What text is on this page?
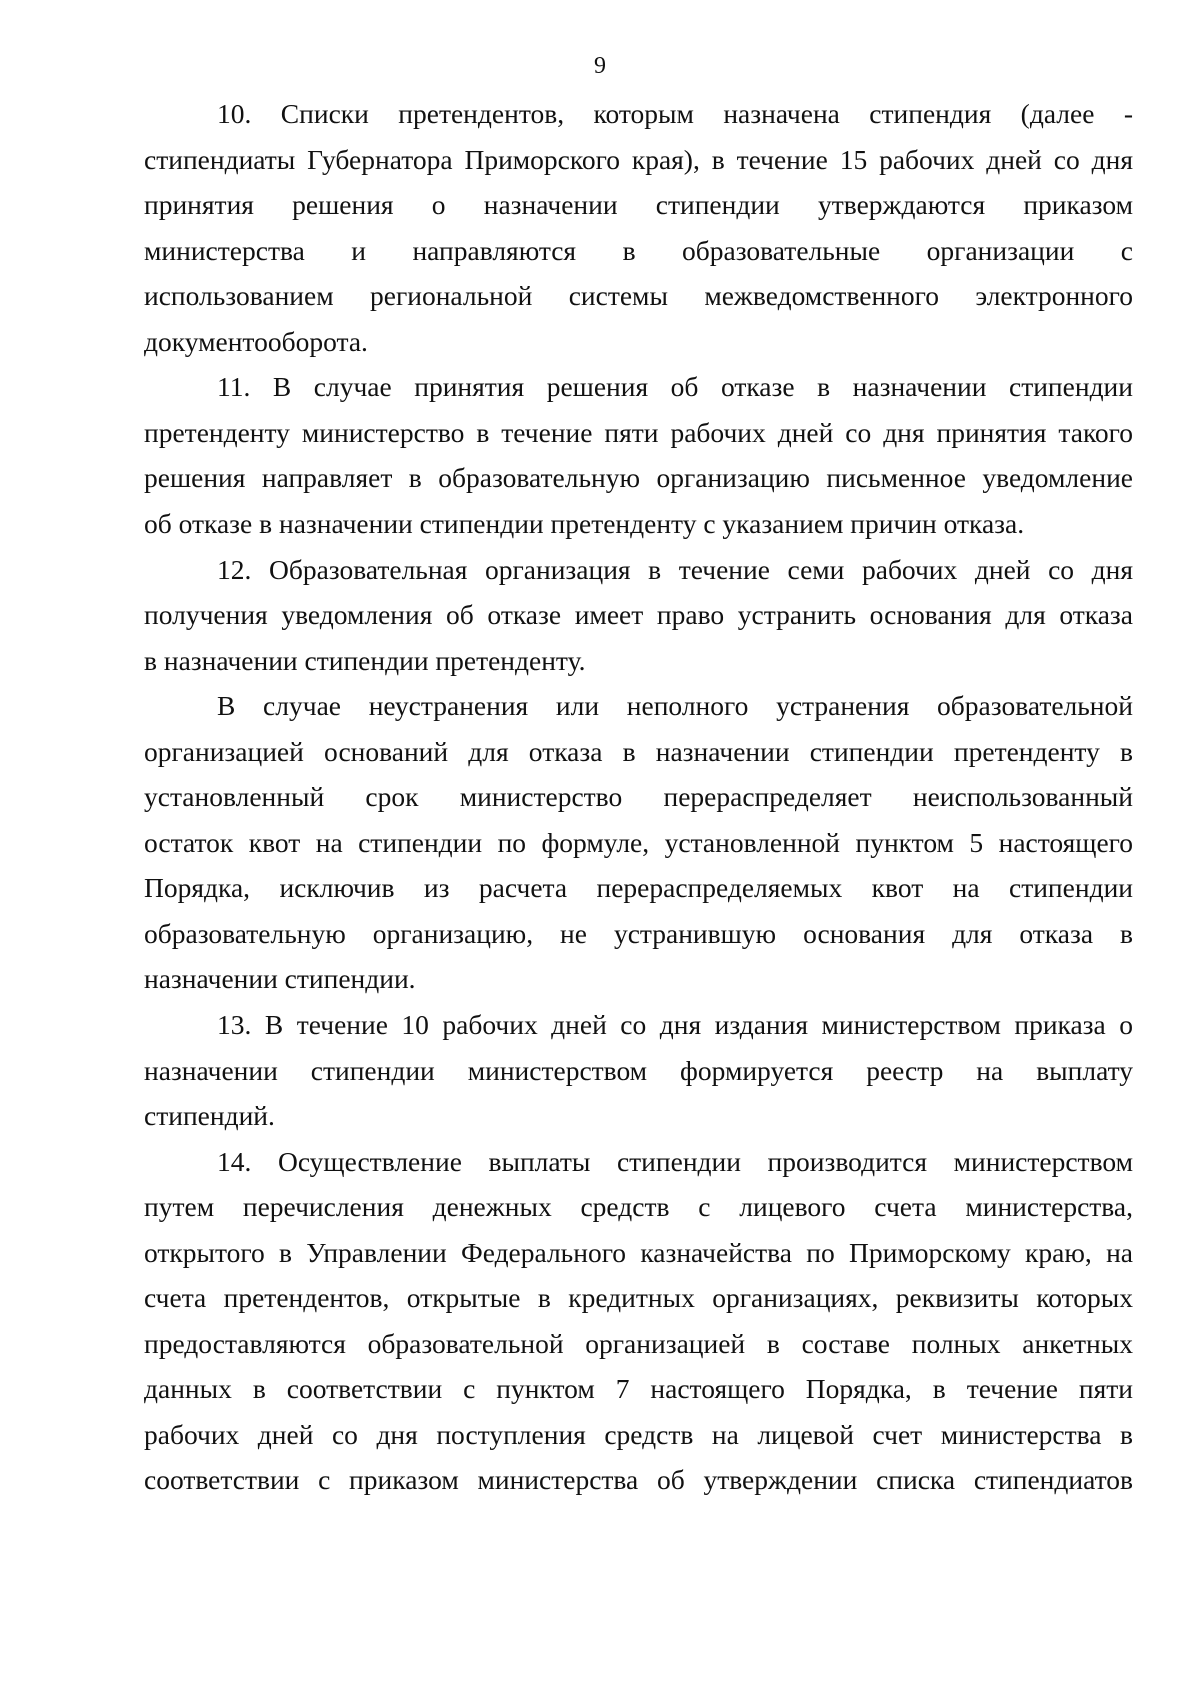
9
10. Списки претендентов, которым назначена стипендия (далее -
стипендиаты Губернатора Приморского края), в течение 15 рабочих дней со дня
принятия решения о назначении стипендии утверждаются приказом
министерства и направляются в образовательные организации с
использованием региональной системы межведомственного электронного
документооборота.
11. В случае принятия решения об отказе в назначении стипендии
претенденту министерство в течение пяти рабочих дней со дня принятия такого
решения направляет в образовательную организацию письменное уведомление
об отказе в назначении стипендии претенденту с указанием причин отказа.
12. Образовательная организация в течение семи рабочих дней со дня
получения уведомления об отказе имеет право устранить основания для отказа
в назначении стипендии претенденту.
В случае неустранения или неполного устранения образовательной
организацией оснований для отказа в назначении стипендии претенденту в
установленный срок министерство перераспределяет неиспользованный
остаток квот на стипендии по формуле, установленной пунктом 5 настоящего
Порядка, исключив из расчета перераспределяемых квот на стипендии
образовательную организацию, не устранившую основания для отказа в
назначении стипендии.
13. В течение 10 рабочих дней со дня издания министерством приказа о
назначении стипендии министерством формируется реестр на выплату
стипендий.
14. Осуществление выплаты стипендии производится министерством
путем перечисления денежных средств с лицевого счета министерства,
открытого в Управлении Федерального казначейства по Приморскому краю, на
счета претендентов, открытые в кредитных организациях, реквизиты которых
предоставляются образовательной организацией в составе полных анкетных
данных в соответствии с пунктом 7 настоящего Порядка, в течение пяти
рабочих дней со дня поступления средств на лицевой счет министерства в
соответствии с приказом министерства об утверждении списка стипендиатов
